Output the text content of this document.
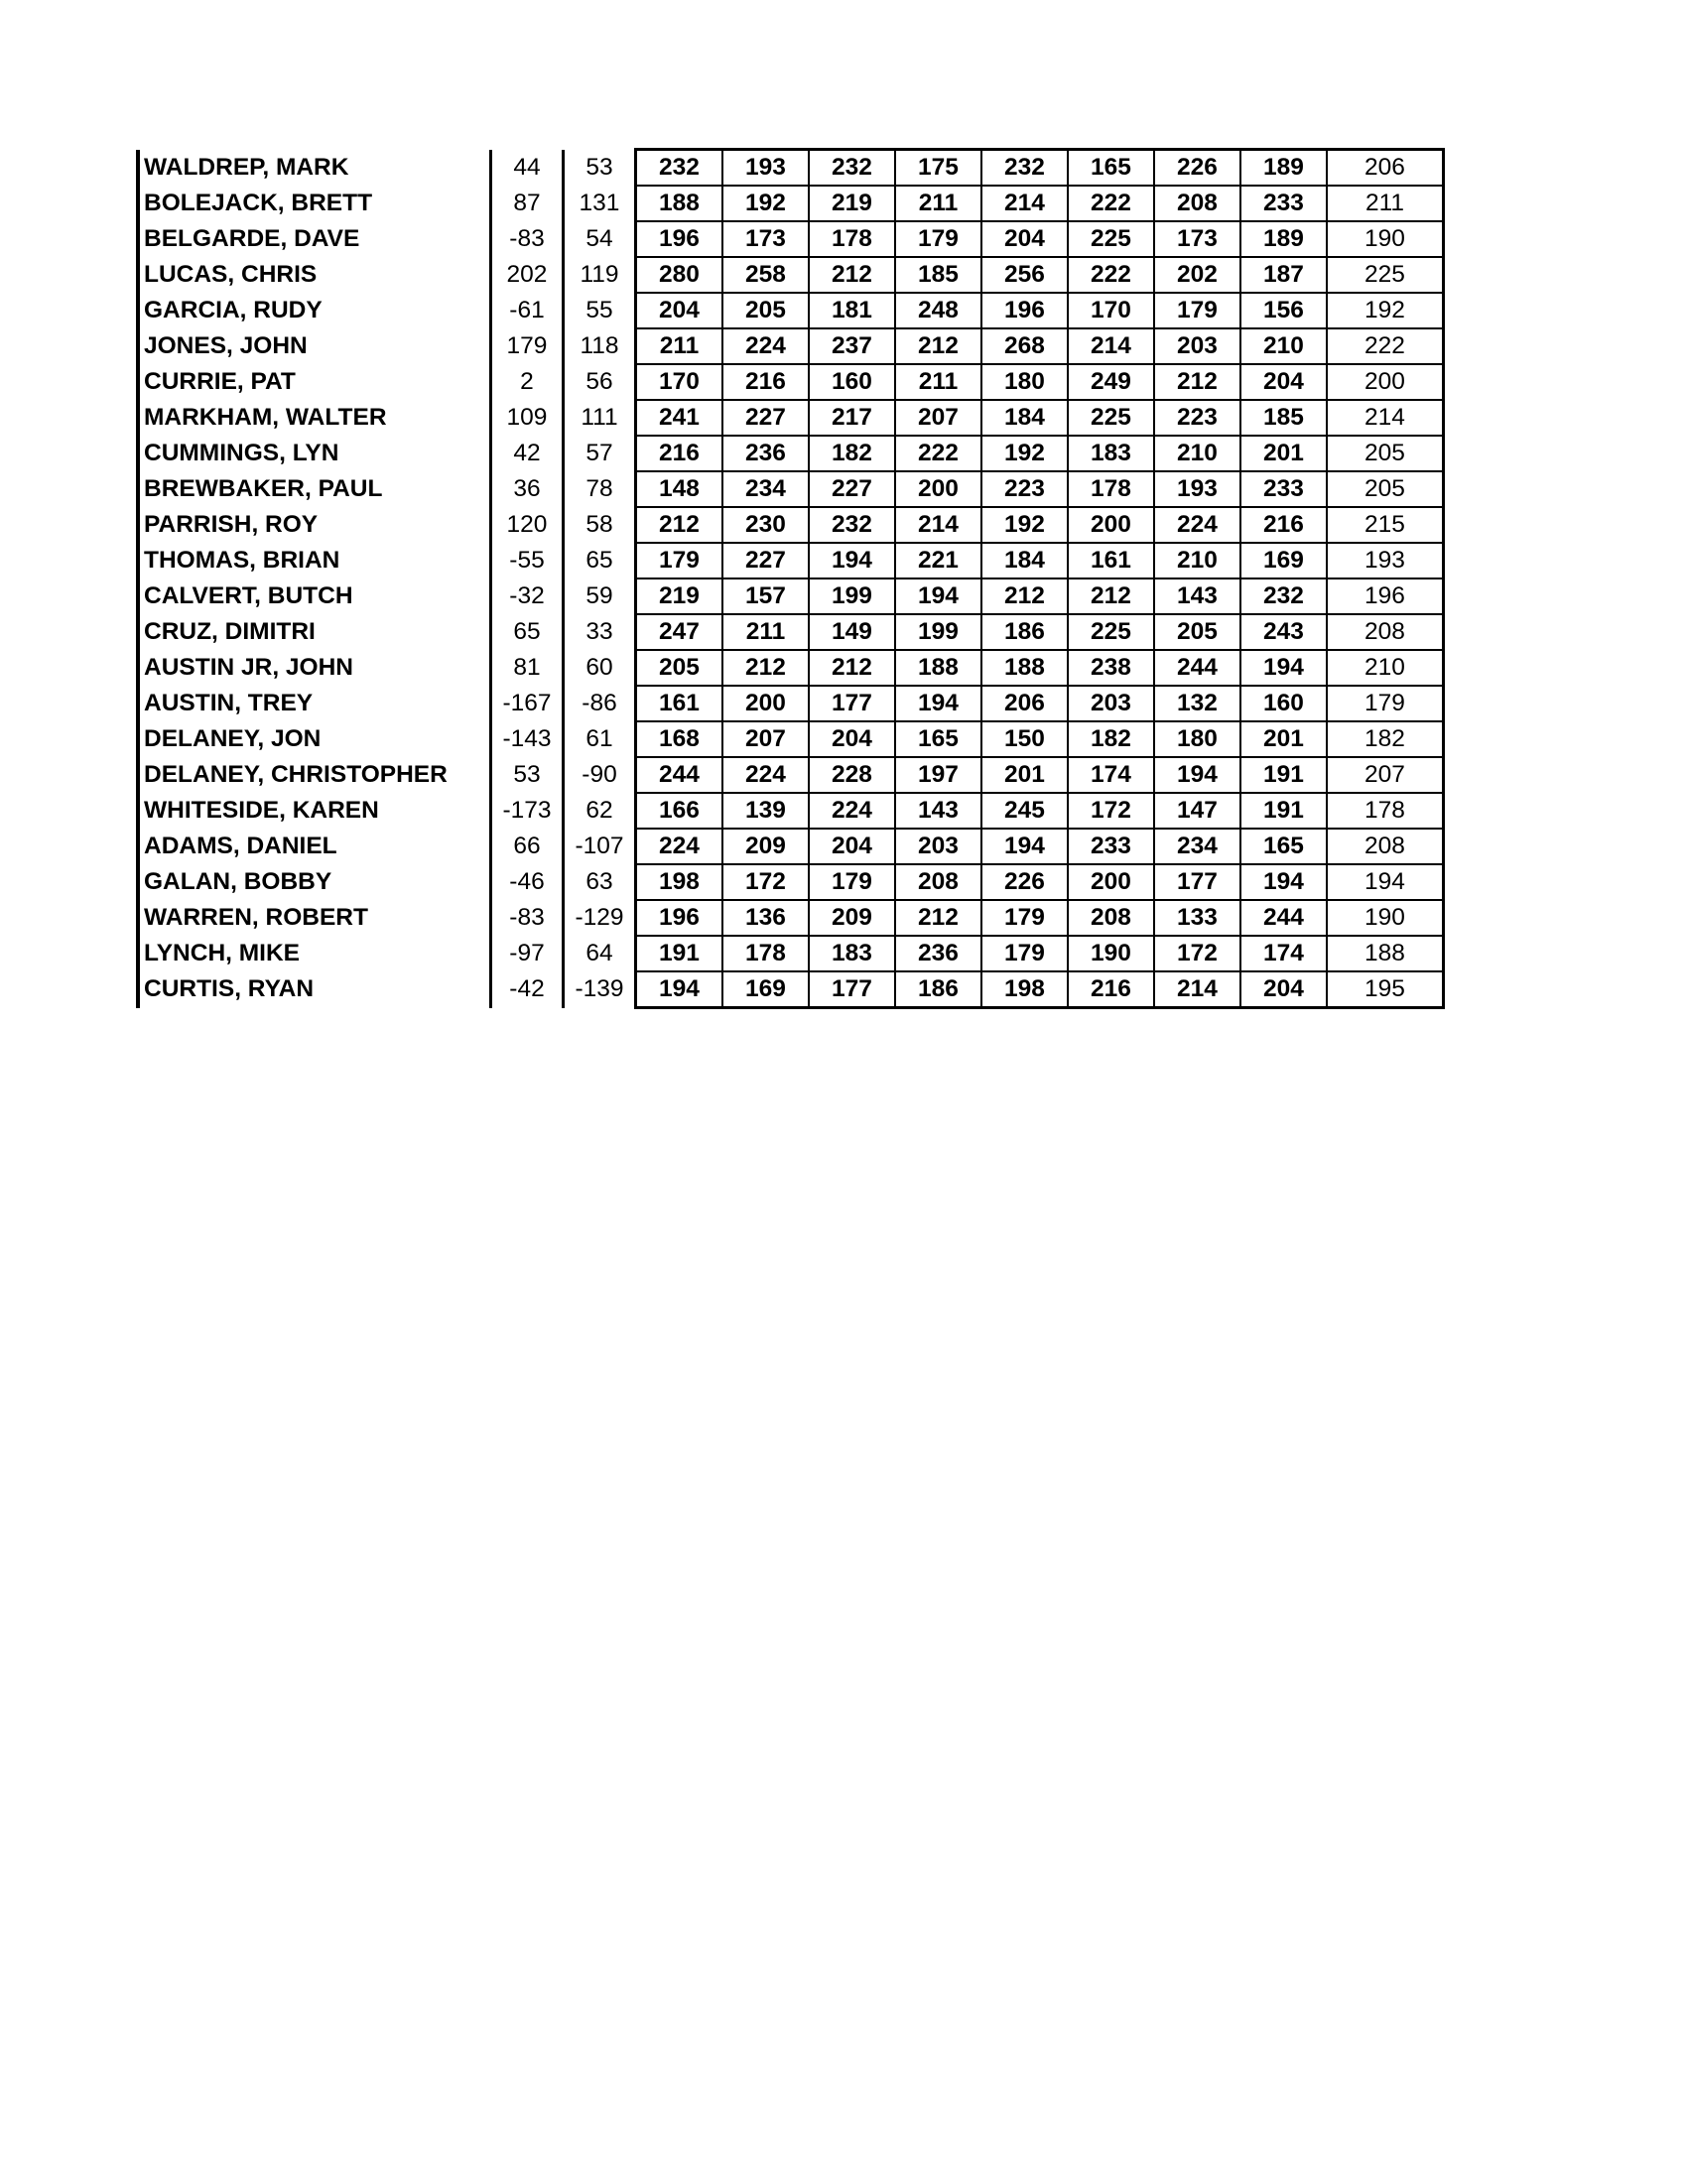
WALDREP, MARK	44	53	232	193	232	175	232	165	226	189	206
BOLEJACK, BRETT	87	131	188	192	219	211	214	222	208	233	211
BELGARDE, DAVE	-83	54	196	173	178	179	204	225	173	189	190
LUCAS, CHRIS	202	119	280	258	212	185	256	222	202	187	225
GARCIA, RUDY	-61	55	204	205	181	248	196	170	179	156	192
JONES, JOHN	179	118	211	224	237	212	268	214	203	210	222
CURRIE, PAT	2	56	170	216	160	211	180	249	212	204	200
MARKHAM, WALTER	109	111	241	227	217	207	184	225	223	185	214
CUMMINGS, LYN	42	57	216	236	182	222	192	183	210	201	205
BREWBAKER, PAUL	36	78	148	234	227	200	223	178	193	233	205
PARRISH, ROY	120	58	212	230	232	214	192	200	224	216	215
THOMAS, BRIAN	-55	65	179	227	194	221	184	161	210	169	193
CALVERT, BUTCH	-32	59	219	157	199	194	212	212	143	232	196
CRUZ, DIMITRI	65	33	247	211	149	199	186	225	205	243	208
AUSTIN JR, JOHN	81	60	205	212	212	188	188	238	244	194	210
AUSTIN, TREY	-167	-86	161	200	177	194	206	203	132	160	179
DELANEY, JON	-143	61	168	207	204	165	150	182	180	201	182
DELANEY, CHRISTOPHER	53	-90	244	224	228	197	201	174	194	191	207
WHITESIDE, KAREN	-173	62	166	139	224	143	245	172	147	191	178
ADAMS, DANIEL	66	-107	224	209	204	203	194	233	234	165	208
GALAN, BOBBY	-46	63	198	172	179	208	226	200	177	194	194
WARREN, ROBERT	-83	-129	196	136	209	212	179	208	133	244	190
LYNCH, MIKE	-97	64	191	178	183	236	179	190	172	174	188
CURTIS, RYAN	-42	-139	194	169	177	186	198	216	214	204	195
